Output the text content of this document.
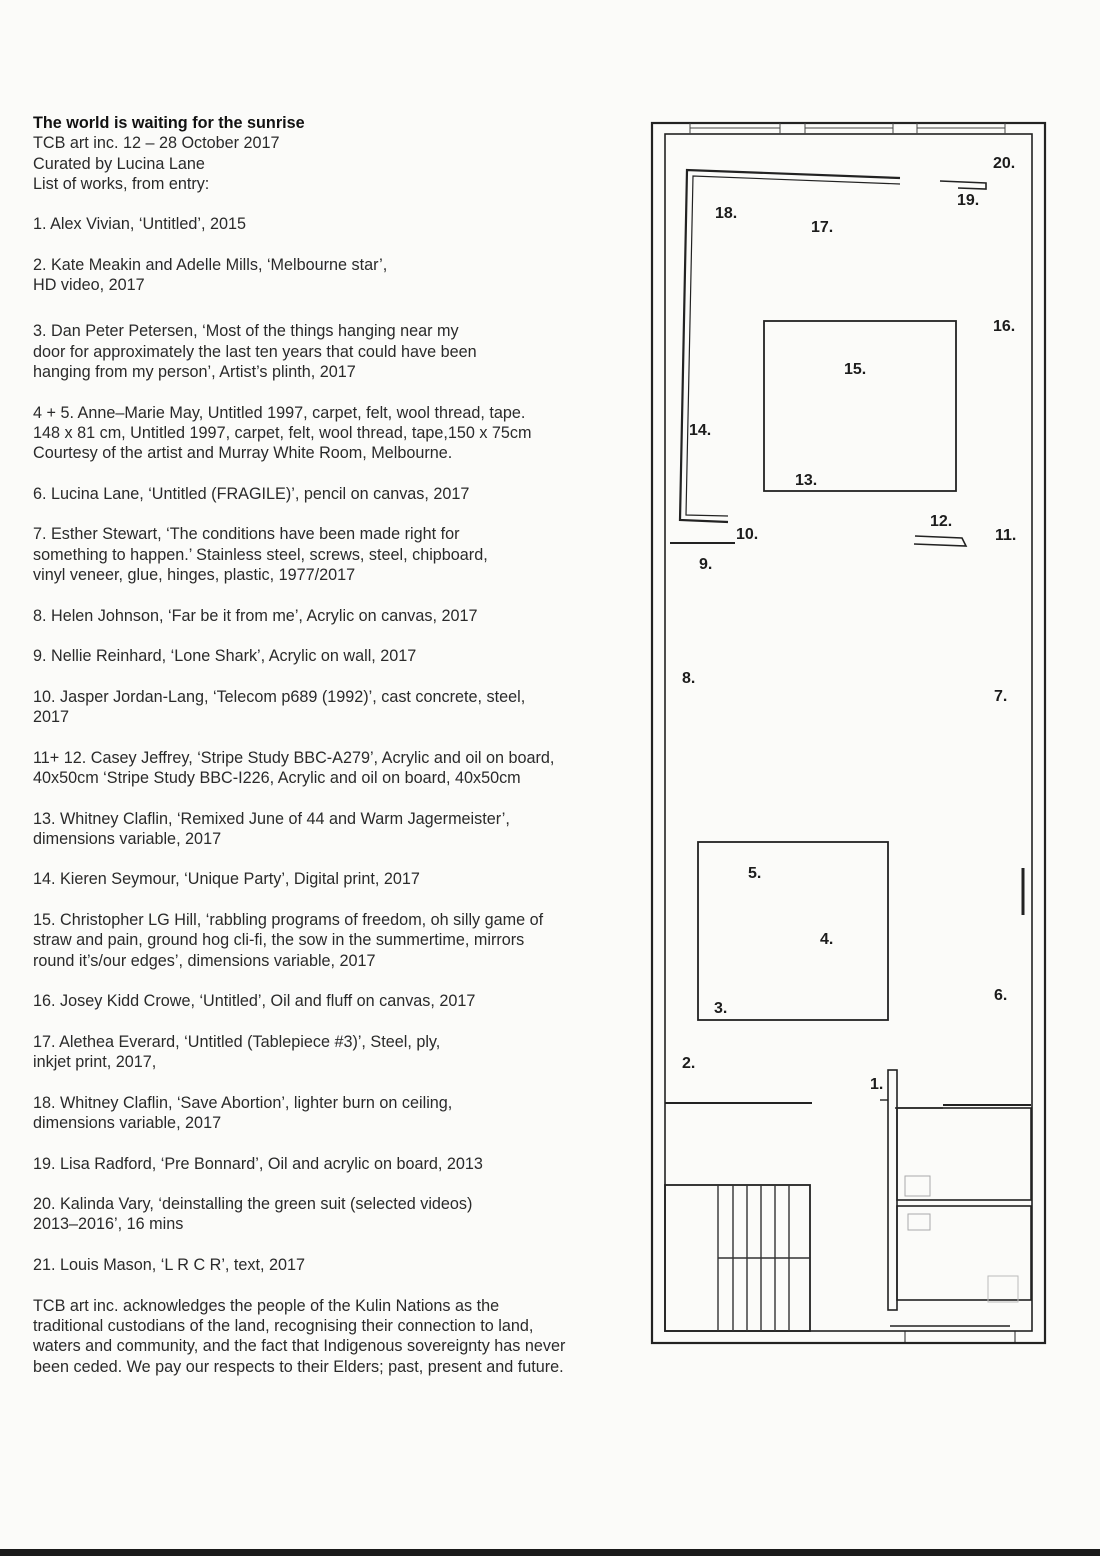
The world is waiting for the sunrise
TCB art inc. 12 – 28 October 2017
Curated by Lucina Lane
List of works, from entry:
1. Alex Vivian, ‘Untitled’, 2015
2. Kate Meakin and Adelle Mills, ‘Melbourne star’,
HD video, 2017
3. Dan Peter Petersen, ‘Most of the things hanging near my
door for approximately the last ten years that could have been
hanging from my person’, Artist’s plinth, 2017
4 + 5. Anne–Marie May, Untitled 1997, carpet, felt, wool thread, tape.
148 x 81 cm, Untitled 1997, carpet, felt, wool thread, tape,150 x 75cm
Courtesy of the artist and Murray White Room, Melbourne.
6. Lucina Lane, ‘Untitled (FRAGILE)’, pencil on canvas, 2017
7. Esther Stewart, ‘The conditions have been made right for
something to happen.’ Stainless steel, screws, steel, chipboard,
vinyl veneer, glue, hinges, plastic, 1977/2017
8. Helen Johnson, ‘Far be it from me’, Acrylic on canvas, 2017
9. Nellie Reinhard, ‘Lone Shark’, Acrylic on wall, 2017
10. Jasper Jordan-Lang, ‘Telecom p689 (1992)’, cast concrete, steel,
2017
11+ 12. Casey Jeffrey, ‘Stripe Study BBC-A279’, Acrylic and oil on board,
40x50cm ‘Stripe Study BBC-I226, Acrylic and oil on board, 40x50cm
13. Whitney Claflin, ‘Remixed June of 44 and Warm Jagermeister’,
dimensions variable, 2017
14. Kieren Seymour, ‘Unique Party’, Digital print, 2017
15. Christopher LG Hill, ‘rabbling programs of freedom, oh silly game of
straw and pain, ground hog cli-fi, the sow in the summertime, mirrors
round it’s/our edges’, dimensions variable, 2017
16. Josey Kidd Crowe, ‘Untitled’, Oil and fluff on canvas, 2017
17. Alethea Everard, ‘Untitled (Tablepiece #3)’, Steel, ply,
inkjet print, 2017,
18. Whitney Claflin, ‘Save Abortion’, lighter burn on ceiling,
dimensions variable, 2017
19. Lisa Radford, ‘Pre Bonnard’, Oil and acrylic on board, 2013
20. Kalinda Vary, ‘deinstalling the green suit (selected videos)
2013–2016’, 16 mins
21. Louis Mason, ‘L R C R’, text, 2017
TCB art inc. acknowledges the people of the Kulin Nations as the
traditional custodians of the land, recognising their connection to land,
waters and community, and the fact that Indigenous sovereignty has never
been ceded. We pay our respects to their Elders; past, present and future.
1.
2.
3.
4.
5.
6.
7.
8.
9.
10.	11.
12.
13.
14.
15.
16.
17.
18.
19.
20.
